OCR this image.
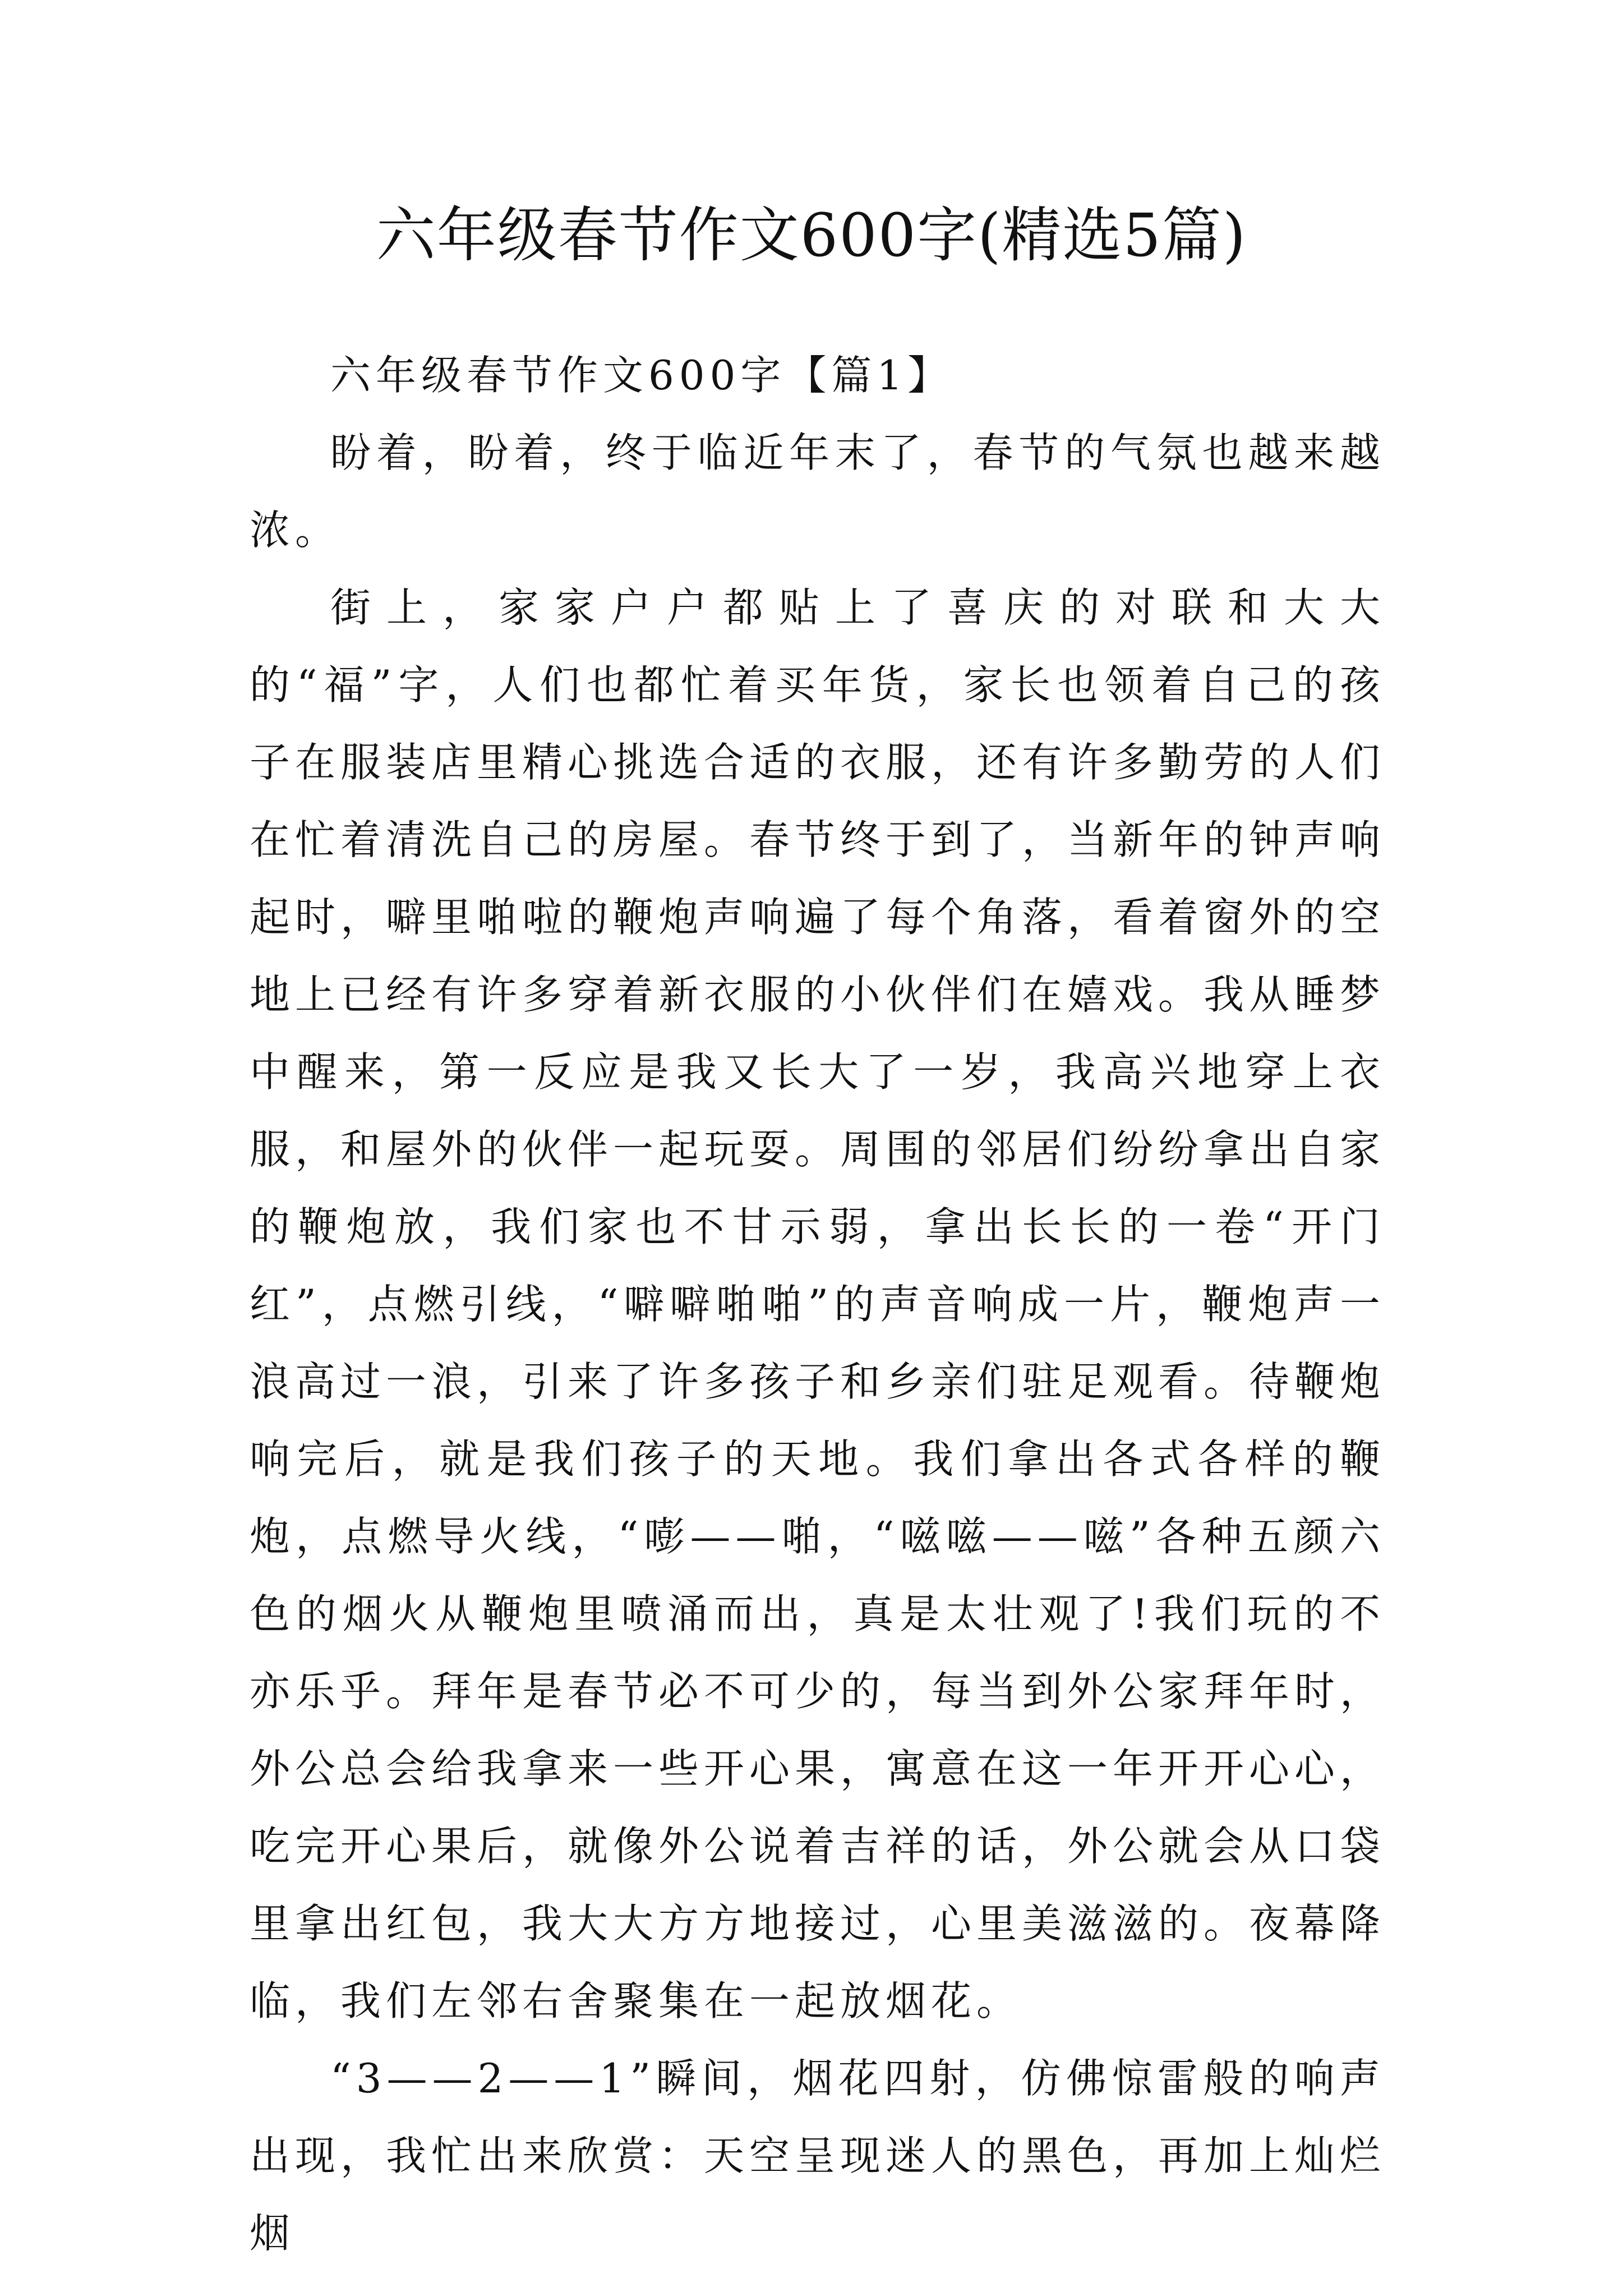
六年级春节作文600字(精选5篇)
六年级春节作文600字【篇1】

盼着，盼着，终于临近年末了，春节的气氛也越来越浓。

街上，家家户户都贴上了喜庆的对联和大大的“福”字，人们也都忙着买年货，家长也领着自己的孩子在服装店里精心挑选合适的衣服，还有许多勤劳的人们在忙着清洗自己的房屋。春节终于到了，当新年的钟声响起时，噼里啪啦的鞭炮声响遍了每个角落，看着窗外的空地上已经有许多穿着新衣服的小伙伴们在嬉戏。我从睡梦中醒来，第一反应是我又长大了一岁，我高兴地穿上衣服，和屋外的伙伴一起玩耍。周围的邻居们纷纷拿出自家的鞭炮放，我们家也不甘示弱，拿出长长的一卷“开门红”，点燃引线，“噼噼啪啪”的声音响成一片，鞭炮声一浪高过一浪，引来了许多孩子和乡亲们驻足观看。待鞭炮响完后，就是我们孩子的天地。我们拿出各式各样的鞭炮，点燃导火线，“嘭——啪，“嗞嗞——嗞”各种五颜六色的烟火从鞭炮里喷涌而出，真是太壮观了!我们玩的不亦乐乎。拜年是春节必不可少的，每当到外公家拜年时，外公总会给我拿来一些开心果，寓意在这一年开开心心，吃完开心果后，就像外公说着吉祥的话，外公就会从口袋里拿出红包，我大大方方地接过，心里美滋滋的。夜幕降临，我们左邻右舍聚集在一起放烟花。

“3——2——1”瞬间，烟花四射，仿佛惊雷般的响声出现，我忙出来欣赏：天空呈现迷人的黑色，再加上灿烂烟
